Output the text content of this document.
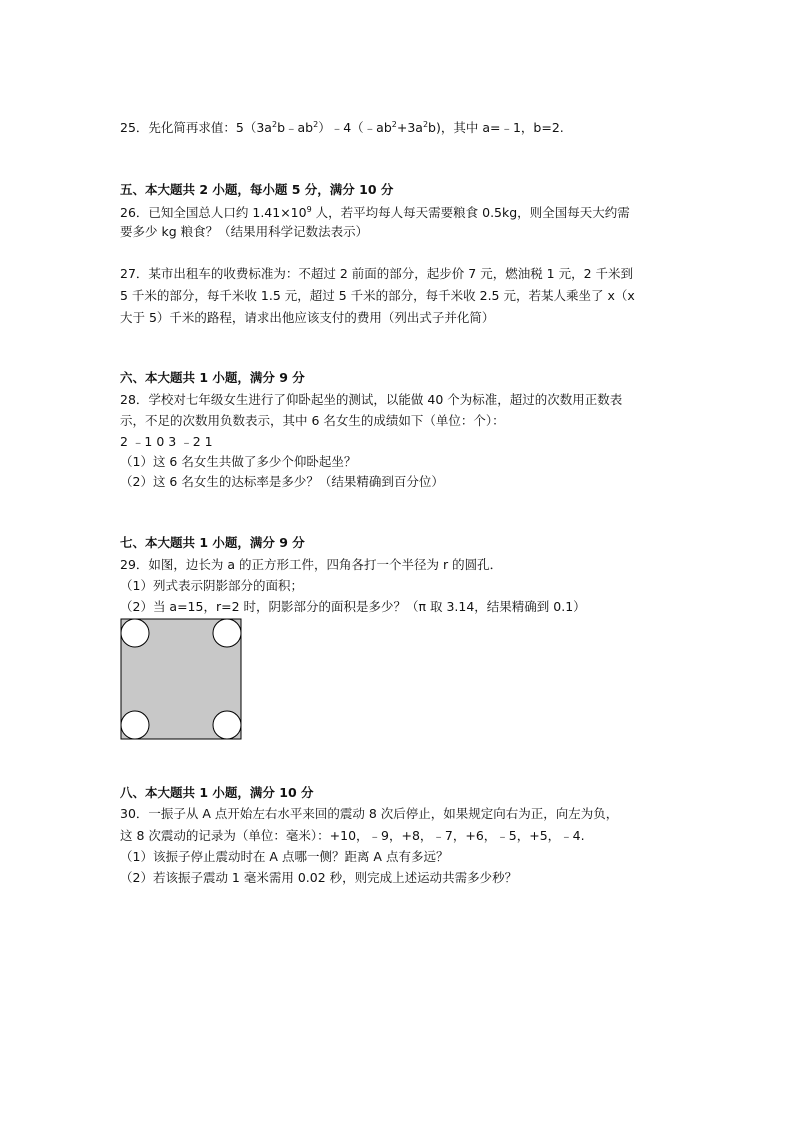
25．先化简再求值：$5(3a^2b﹣ab^2)﹣4(﹣ab^2+3a^2b)$，其中 a=﹣1，b=2.
五、本大题共 2 小题，每小题 5 分，满分 10 分
26．已知全国总人口约 $1.41\times 10^9$ 人，若平均每人每天需要粮食 0.5kg，则全国每天大约需
要多少 kg 粮食？（结果用科学记数法表示）
27．某市出租车的收费标准为：不超过 2 前面的部分，起步价 7 元，燃油税 1 元，2 千米到
5 千米的部分，每千米收 1.5 元，超过 5 千米的部分，每千米收 2.5 元，若某人乘坐了 x（x
大于 5）千米的路程，请求出他应该支付的费用（列出式子并化简）
六、本大题共 1 小题，满分 9 分
28．学校对七年级女生进行了仰卧起坐的测试，以能做 40 个为标准，超过的次数用正数表
示，不足的次数用负数表示，其中 6 名女生的成绩如下（单位：个）：
2 ﹣1 0 3 ﹣2 1
（1）这 6 名女生共做了多少个仰卧起坐？
（2）这 6 名女生的达标率是多少？（结果精确到百分位）
七、本大题共 1 小题，满分 9 分
29．如图，边长为 a 的正方形工件，四角各打一个半径为 r 的圆孔．
（1）列式表示阴影部分的面积；
（2）当 a=15，r=2 时，阴影部分的面积是多少？（π 取 3.14，结果精确到 0.1）
八、本大题共 1 小题，满分 10 分
30．一振子从 A 点开始左右水平来回的震动 8 次后停止，如果规定向右为正，向左为负，
这 8 次震动的记录为（单位：毫米）：+10，﹣9，+8，﹣7，+6，﹣5，+5，﹣4.
（1）该振子停止震动时在 A 点哪一侧？距离 A 点有多远？
（2）若该振子震动 1 毫米需用 0.02 秒，则完成上述运动共需多少秒？
